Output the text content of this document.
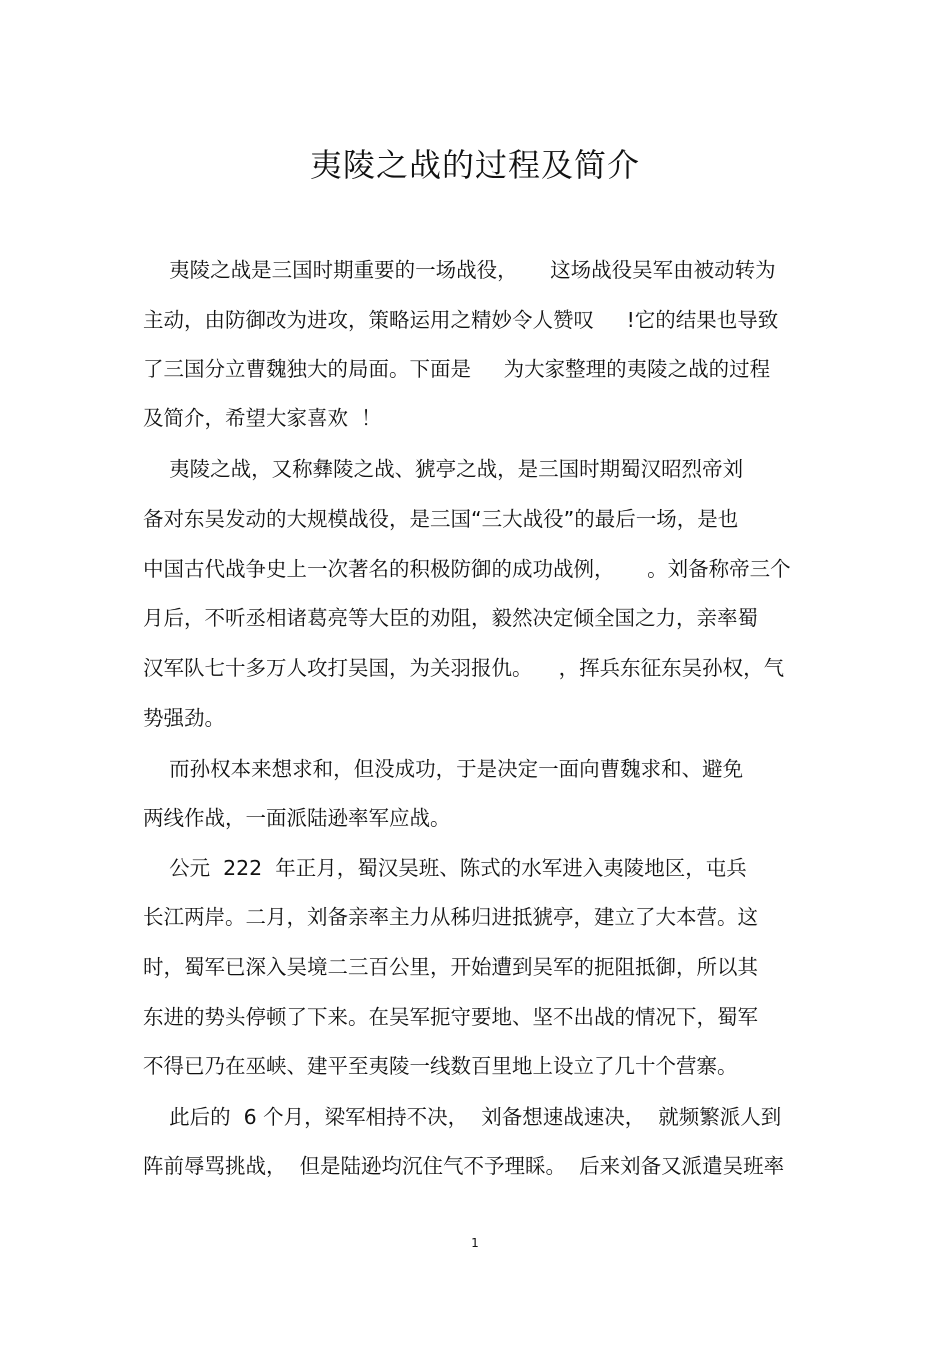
夷陵之战的过程及简介

夷陵之战是三国时期重要的一场战役，     这场战役吴军由被动转为

主动，由防御改为进攻，策略运用之精妙令人赞叹     !它的结果也导致

了三国分立曹魏独大的局面。下面是     为大家整理的夷陵之战的过程

及简介，希望大家喜欢  ！

夷陵之战，又称彝陵之战、猇亭之战，是三国时期蜀汉昭烈帝刘

备对东吴发动的大规模战役，是三国“三大战役”的最后一场，是也

中国古代战争史上一次著名的积极防御的成功战例，     。刘备称帝三个

月后，不听丞相诸葛亮等大臣的劝阻，毅然决定倾全国之力，亲率蜀

汉军队七十多万人攻打吴国，为关羽报仇。    ，挥兵东征东吴孙权，气

势强劲。

而孙权本来想求和，但没成功，于是决定一面向曹魏求和、避免

两线作战，一面派陆逊率军应战。

公元  222  年正月，蜀汉吴班、陈式的水军进入夷陵地区，屯兵

长江两岸。二月，刘备亲率主力从秭归进抵猇亭，建立了大本营。这

时，蜀军已深入吴境二三百公里，开始遭到吴军的扼阻抵御，所以其

东进的势头停顿了下来。在吴军扼守要地、坚不出战的情况下，蜀军

不得已乃在巫峡、建平至夷陵一线数百里地上设立了几十个营寨。

此后的  6 个月，梁军相持不决，  刘备想速战速决，  就频繁派人到

阵前辱骂挑战，  但是陆逊均沉住气不予理睬。  后来刘备又派遣吴班率

1
